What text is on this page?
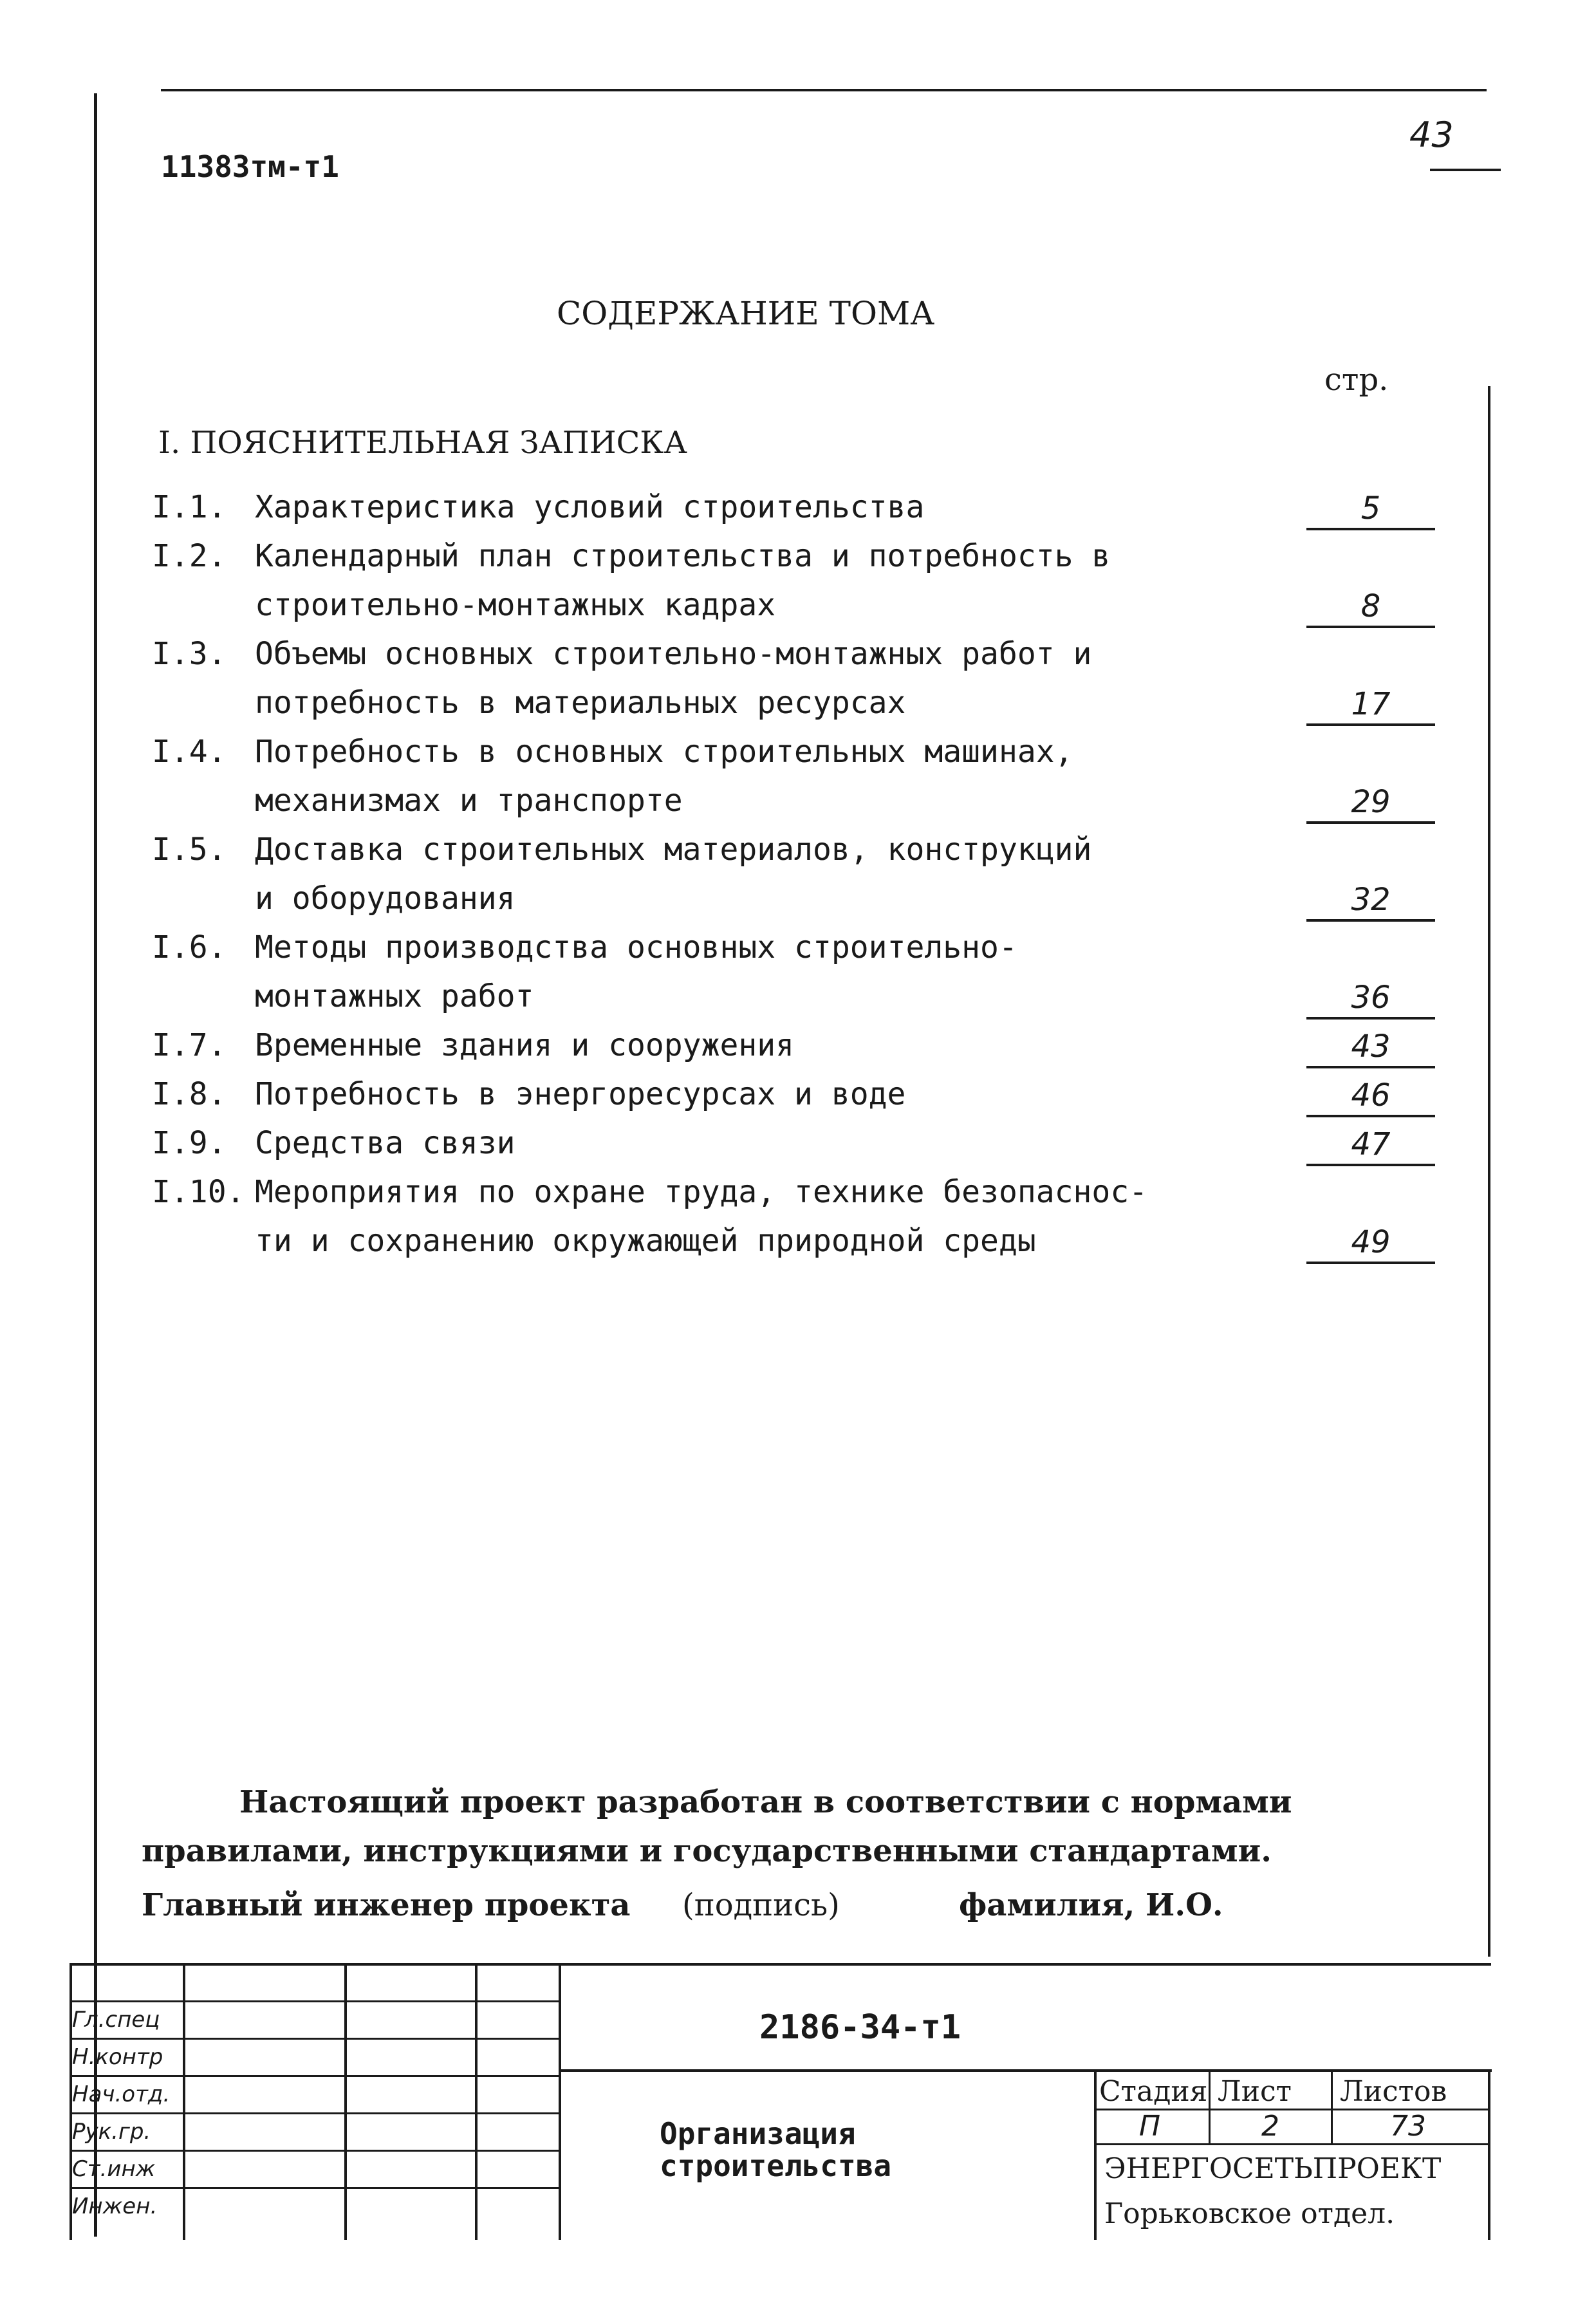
11383тм-т1
43
СОДЕРЖАНИЕ ТОМА
стр.
I. ПОЯСНИТЕЛЬНАЯ ЗАПИСКА
I.1. Характеристика условий строительства	5
I.2. Календарный план строительства и потребность в
строительно-монтажных кадрах	8
I.3. Объемы основных строительно-монтажных работ и
потребность в материальных ресурсах	17
I.4. Потребность в основных строительных машинах,
механизмах и транспорте	29
I.5. Доставка строительных материалов, конструкций
и оборудования	32
I.6. Методы производства основных строительно-
монтажных работ	36
I.7. Временные здания и сооружения	43
I.8. Потребность в энергоресурсах и воде	46
I.9. Средства связи	47
I.10. Мероприятия по охране труда, технике безопаснос-
ти и сохранению окружающей природной среды	49
Настоящий проект разработан в соответствии с нормами
правилами, инструкциями и государственными стандартами.
Главный инженер проекта (подпись)	фамилия, И.О.
Гл.спец
Н.контр
Нач.отд.
Рук.гр.
Ст.инж
Инжен.
2186-34-т1
Организация
строительства
Стадия Лист Листов
П	2	73
ЭНЕРГОСЕТЬПРОЕКТ
Горьковское отдел.
